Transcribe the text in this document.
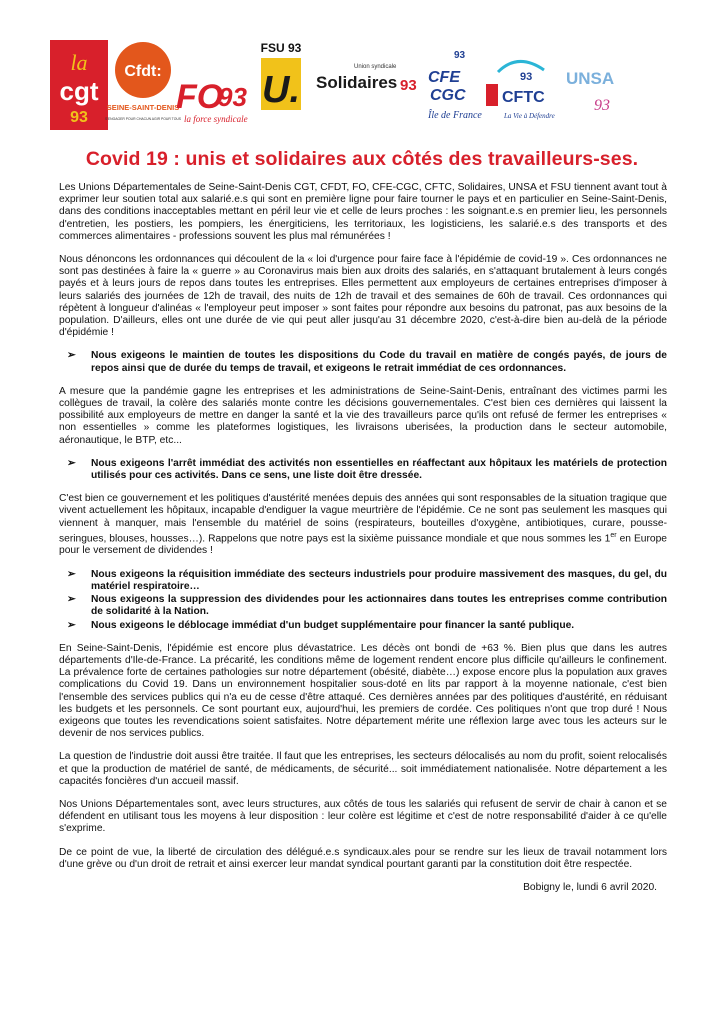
la
cgt
93
Cfdt:
SEINE-SAINT-DENIS
S'ENGAGER POUR CHACUN AGIR POUR TOUS
FO
93
la force syndicale
FSU 93
U.
Union syndicale
Solidaires 93
93
CFE
CGC
Île de France
93
CFTC
La Vie à Défendre
UNSA
93
Covid 19 : unis et solidaires aux côtés des travailleurs-ses.

Les Unions Départementales de Seine-Saint-Denis CGT, CFDT, FO, CFE-CGC, CFTC, Solidaires, UNSA et FSU tiennent avant tout à exprimer leur soutien total aux salarié.e.s qui sont en première ligne pour faire tourner le pays et en particulier en Seine-Saint-Denis, dans des conditions inacceptables mettant en péril leur vie et celle de leurs proches : les soignant.e.s en premier lieu, les personnels d'entretien, les postiers, les pompiers, les énergiticiens, les territoriaux, les logisticiens, les salarié.e.s des transports et des commerces alimentaires - professions souvent les plus mal rémunérées !

Nous dénoncons les ordonnances qui découlent de la « loi d'urgence pour faire face à l'épidémie de covid-19 ». Ces ordonnances ne sont pas destinées à faire la « guerre » au Coronavirus mais bien aux droits des salariés, en s'attaquant brutalement à leurs congés payés et à leurs jours de repos dans toutes les entreprises. Elles permettent aux employeurs de certaines entreprises d'imposer à leurs salariés des journées de 12h de travail, des nuits de 12h de travail et des semaines de 60h de travail. Ces ordonnances qui répètent à longueur d'alinéas « l'employeur peut imposer » sont faites pour répondre aux besoins du patronat, pas aux besoins de la population. D'ailleurs, elles ont une durée de vie qui peut aller jusqu'au 31 décembre 2020, c'est-à-dire bien au-delà de la période d'épidémie !

➢ Nous exigeons le maintien de toutes les dispositions du Code du travail en matière de congés payés, de jours de repos ainsi que de durée du temps de travail, et exigeons le retrait immédiat de ces ordonnances.

A mesure que la pandémie gagne les entreprises et les administrations de Seine-Saint-Denis, entraînant des victimes parmi les collègues de travail, la colère des salariés monte contre les décisions gouvernementales. C'est bien ces dernières qui laissent la possibilité aux employeurs de mettre en danger la santé et la vie des travailleurs parce qu'ils ont refusé de fermer les entreprises « non essentielles » comme les plateformes logistiques, les livraisons uberisées, la production dans le secteur automobile, aéronautique, le BTP, etc...

➢ Nous exigeons l'arrêt immédiat des activités non essentielles en réaffectant aux hôpitaux les matériels de protection utilisés pour ces activités. Dans ce sens, une liste doit être dressée.

C'est bien ce gouvernement et les politiques d'austérité menées depuis des années qui sont responsables de la situation tragique que vivent actuellement les hôpitaux, incapable d'endiguer la vague meurtrière de l'épidémie. Ce ne sont pas seulement les masques qui viennent à manquer, mais l'ensemble du matériel de soins (respirateurs, bouteilles d'oxygène, antibiotiques, curare, pousse-seringues, blouses, housses…). Rappelons que notre pays est la sixième puissance mondiale et que nous sommes les 1er en Europe pour le versement de dividendes !

➢ Nous exigeons la réquisition immédiate des secteurs industriels pour produire massivement des masques, du gel, du matériel respiratoire…
➢ Nous exigeons la suppression des dividendes pour les actionnaires dans toutes les entreprises comme contribution de solidarité à la Nation.
➢ Nous exigeons le déblocage immédiat d'un budget supplémentaire pour financer la santé publique.

En Seine-Saint-Denis, l'épidémie est encore plus dévastatrice. Les décès ont bondi de +63 %. Bien plus que dans les autres départements d'Ile-de-France. La précarité, les conditions même de logement rendent encore plus difficile qu'ailleurs le confinement. La prévalence forte de certaines pathologies sur notre département (obésité, diabète…) expose encore plus la population aux graves complications du Covid 19. Dans un environnement hospitalier sous-doté en lits par rapport à la moyenne nationale, c'est bien l'ensemble des services publics qui n'a eu de cesse d'être attaqué. Ces dernières années par des politiques d'austérité, en réduisant les budgets et les personnels. Ce sont pourtant eux, aujourd'hui, les premiers de cordée. Ces politiques n'ont que trop duré ! Nous exigeons que toutes les revendications soient satisfaites. Notre département mérite une réflexion large avec tous les acteurs sur le devenir de nos services publics.

La question de l'industrie doit aussi être traitée. Il faut que les entreprises, les secteurs délocalisés au nom du profit, soient relocalisés et que la production de matériel de santé, de médicaments, de sécurité... soit immédiatement nationalisée. Notre département a les capacités foncières d'un accueil massif.

Nos Unions Départementales sont, avec leurs structures, aux côtés de tous les salariés qui refusent de servir de chair à canon et se défendent en utilisant tous les moyens à leur disposition : leur colère est légitime et c'est de notre responsabilité d'aider à ce qu'elle s'exprime.

De ce point de vue, la liberté de circulation des délégué.e.s syndicaux.ales pour se rendre sur les lieux de travail notamment lors d'une grève ou d'un droit de retrait et ainsi exercer leur mandat syndical pourtant garanti par la constitution doit être respectée.

Bobigny le, lundi 6 avril 2020.
